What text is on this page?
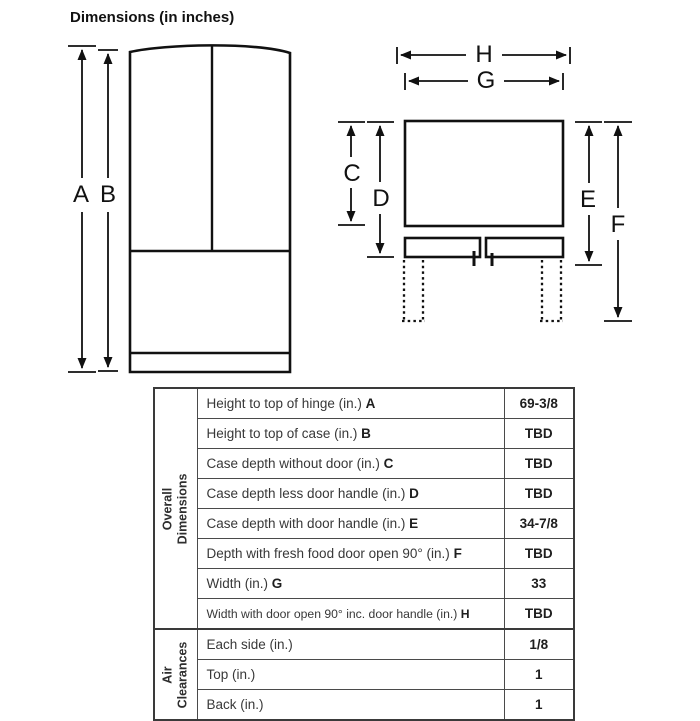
Dimensions (in inches)
A B
H
G
C
D	E
F
Overall Dimensions	Height to top of hinge (in.) A	69-3/8
	Height to top of case (in.) B	TBD
	Case depth without door (in.) C	TBD
	Case depth less door handle (in.) D	TBD
	Case depth with door handle (in.) E	34-7/8
	Depth with fresh food door open 90° (in.) F	TBD
	Width (in.) G	33
	Width with door open 90° inc. door handle (in.) H	TBD

Air Clearances	Each side (in.)	1/8
	Top (in.)	1
	Back (in.)	1
